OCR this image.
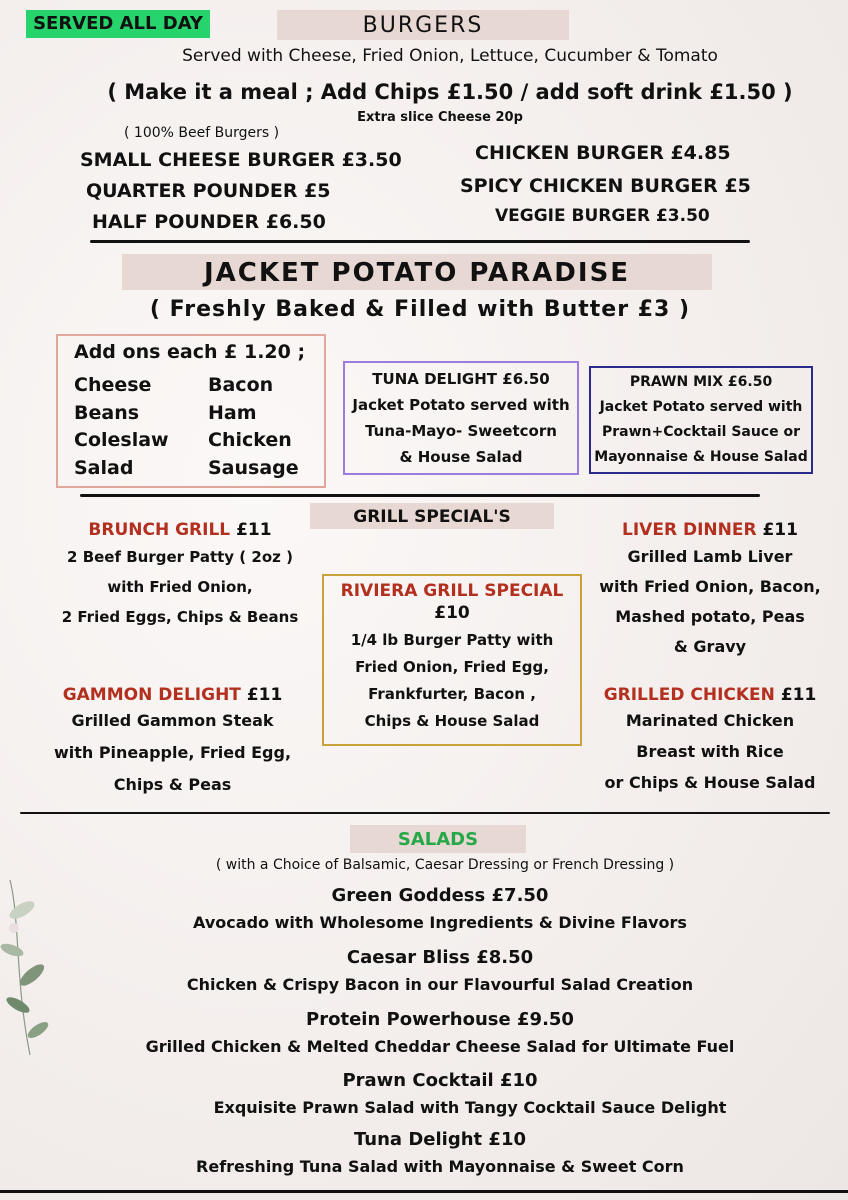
SERVED ALL DAY	BURGERS
Served with Cheese, Fried Onion, Lettuce, Cucumber & Tomato
( Make it a meal ; Add Chips £1.50 / add soft drink £1.50 )
Extra slice Cheese 20p
( 100% Beef Burgers )
SMALL CHEESE BURGER £3.50
QUARTER POUNDER £5
HALF POUNDER £6.50
CHICKEN BURGER £4.85
SPICY CHICKEN BURGER £5
VEGGIE BURGER £3.50
JACKET POTATO PARADISE
( Freshly Baked & Filled with Butter £3 )
Add ons each £ 1.20 ;
Cheese
Beans
Coleslaw
Salad
Bacon
Ham
Chicken
Sausage
TUNA DELIGHT £6.50
Jacket Potato served with
Tuna-Mayo- Sweetcorn
& House Salad
PRAWN MIX £6.50
Jacket Potato served with
Prawn+Cocktail Sauce or
Mayonnaise & House Salad
GRILL SPECIAL'S
BRUNCH GRILL £11
2 Beef Burger Patty ( 2oz )
with Fried Onion,
2 Fried Eggs, Chips & Beans
GAMMON DELIGHT £11
Grilled Gammon Steak
with Pineapple, Fried Egg,
Chips & Peas
RIVIERA GRILL SPECIAL
£10
1/4 lb Burger Patty with
Fried Onion, Fried Egg,
Frankfurter, Bacon ,
Chips & House Salad
LIVER DINNER £11
Grilled Lamb Liver
with Fried Onion, Bacon,
Mashed potato, Peas
& Gravy
GRILLED CHICKEN £11
Marinated Chicken
Breast with Rice
or Chips & House Salad
SALADS
( with a Choice of Balsamic, Caesar Dressing or French Dressing )
Green Goddess £7.50
Avocado with Wholesome Ingredients & Divine Flavors
Caesar Bliss £8.50
Chicken & Crispy Bacon in our Flavourful Salad Creation
Protein Powerhouse £9.50
Grilled Chicken & Melted Cheddar Cheese Salad for Ultimate Fuel
Prawn Cocktail £10
Exquisite Prawn Salad with Tangy Cocktail Sauce Delight
Tuna Delight £10
Refreshing Tuna Salad with Mayonnaise & Sweet Corn
